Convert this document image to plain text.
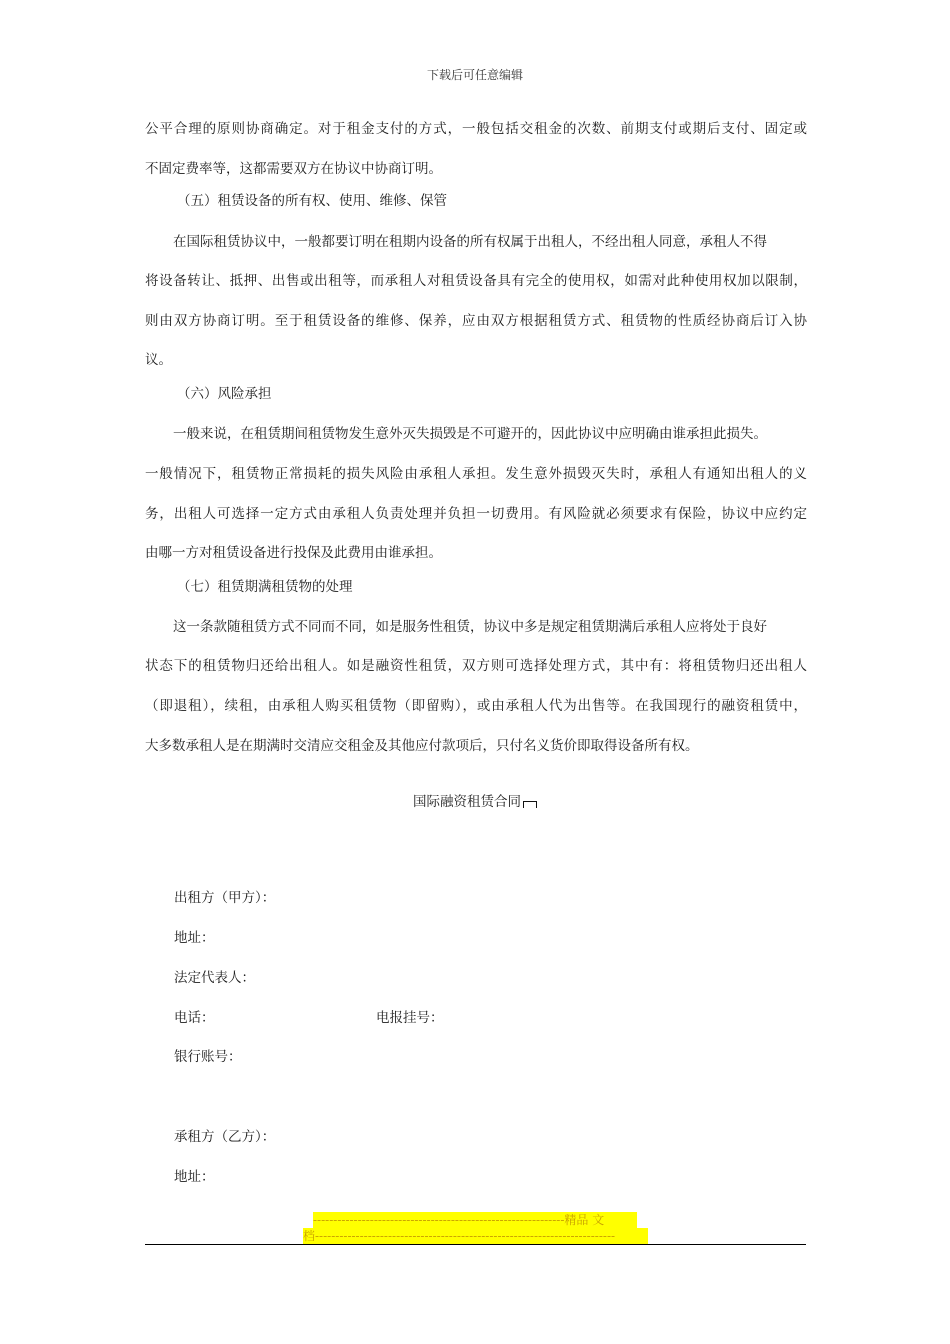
下载后可任意编辑
公平合理的原则协商确定。对于租金支付的方式，一般包括交租金的次数、前期支付或期后支付、固定或
不固定费率等，这都需要双方在协议中协商订明。
（五）租赁设备的所有权、使用、维修、保管
在国际租赁协议中，一般都要订明在租期内设备的所有权属于出租人，不经出租人同意，承租人不得
将设备转让、抵押、出售或出租等，而承租人对租赁设备具有完全的使用权，如需对此种使用权加以限制，
则由双方协商订明。至于租赁设备的维修、保养，应由双方根据租赁方式、租赁物的性质经协商后订入协
议。
（六）风险承担
一般来说，在租赁期间租赁物发生意外灭失损毁是不可避开的，因此协议中应明确由谁承担此损失。
一般情况下，租赁物正常损耗的损失风险由承租人承担。发生意外损毁灭失时，承租人有通知出租人的义
务，出租人可选择一定方式由承租人负责处理并负担一切费用。有风险就必须要求有保险，协议中应约定
由哪一方对租赁设备进行投保及此费用由谁承担。
（七）租赁期满租赁物的处理
这一条款随租赁方式不同而不同，如是服务性租赁，协议中多是规定租赁期满后承租人应将处于良好
状态下的租赁物归还给出租人。如是融资性租赁，双方则可选择处理方式，其中有：将租赁物归还出租人
（即退租），续租，由承租人购买租赁物（即留购），或由承租人代为出售等。在我国现行的融资租赁中，
大多数承租人是在期满时交清应交租金及其他应付款项后，只付名义货价即取得设备所有权。
国际融资租赁合同
出租方（甲方）：
地址：
法定代表人：
电话：	电报挂号：
银行账号：
承租方（乙方）：
地址：
--------------------------------------------------------------精品 文
档--------------------------------------------------------------------------
